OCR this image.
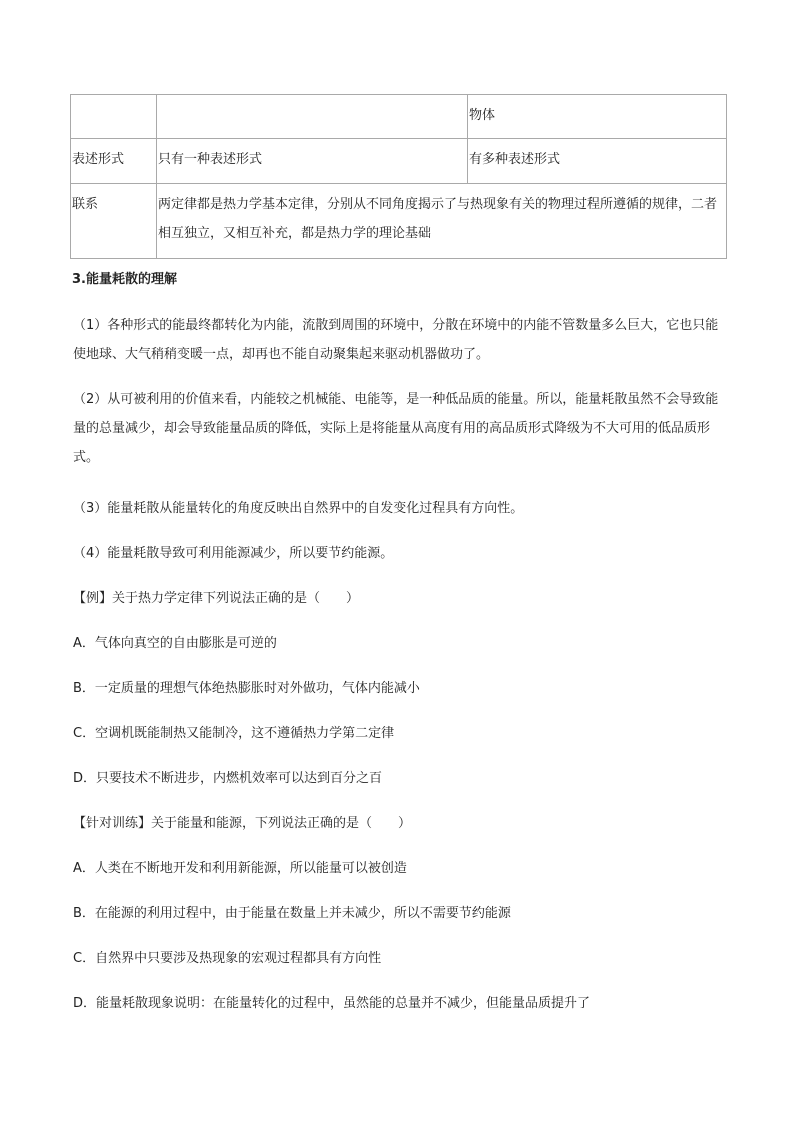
		物体
表述形式	只有一种表述形式	有多种表述形式
联系	两定律都是热力学基本定律，分别从不同角度揭示了与热现象有关的物理过程所遵循的规律，二者相互独立，又相互补充，都是热力学的理论基础	
3.能量耗散的理解
（1）各种形式的能最终都转化为内能，流散到周围的环境中，分散在环境中的内能不管数量多么巨大，它也只能使地球、大气稍稍变暖一点，却再也不能自动聚集起来驱动机器做功了。
（2）从可被利用的价值来看，内能较之机械能、电能等，是一种低品质的能量。所以，能量耗散虽然不会导致能量的总量减少，却会导致能量品质的降低，实际上是将能量从高度有用的高品质形式降级为不大可用的低品质形式。
（3）能量耗散从能量转化的角度反映出自然界中的自发变化过程具有方向性。
（4）能量耗散导致可利用能源减少，所以要节约能源。
【例】关于热力学定律下列说法正确的是（　　）
A．气体向真空的自由膨胀是可逆的
B．一定质量的理想气体绝热膨胀时对外做功，气体内能减小
C．空调机既能制热又能制冷，这不遵循热力学第二定律
D．只要技术不断进步，内燃机效率可以达到百分之百
【针对训练】关于能量和能源，下列说法正确的是（　　）
A．人类在不断地开发和利用新能源，所以能量可以被创造
B．在能源的利用过程中，由于能量在数量上并未减少，所以不需要节约能源
C．自然界中只要涉及热现象的宏观过程都具有方向性
D．能量耗散现象说明：在能量转化的过程中，虽然能的总量并不减少，但能量品质提升了
